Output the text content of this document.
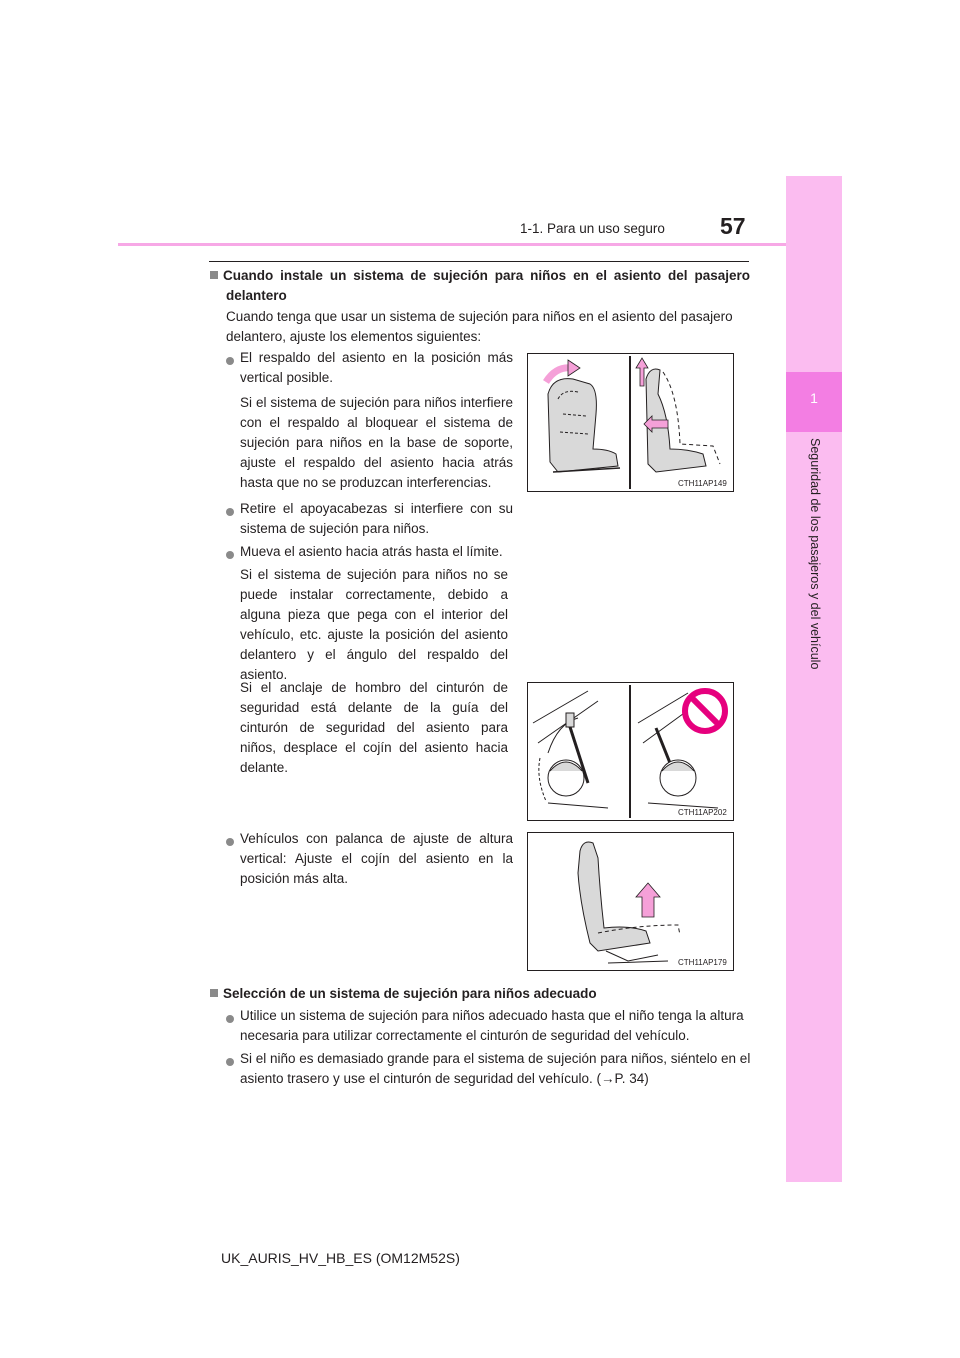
1
Seguridad de los pasajeros y del vehículo
1-1. Para un uso seguro 57
Cuando instale un sistema de sujeción para niños en el asiento del pasajero delantero
Cuando tenga que usar un sistema de sujeción para niños en el asiento del pasajero delantero, ajuste los elementos siguientes:
El respaldo del asiento en la posición más vertical posible.
Si el sistema de sujeción para niños interfiere con el respaldo al bloquear el sistema de sujeción para niños en la base de soporte, ajuste el respaldo del asiento hacia atrás hasta que no se produzcan interferencias.
Retire el apoyacabezas si interfiere con su sistema de sujeción para niños.
Mueva el asiento hacia atrás hasta el límite.
Si el sistema de sujeción para niños no se puede instalar correctamente, debido a alguna pieza que pega con el interior del vehículo, etc. ajuste la posición del asiento delantero y el ángulo del respaldo del asiento.
Si el anclaje de hombro del cinturón de seguridad está delante de la guía del cinturón de seguridad del asiento para niños, desplace el cojín del asiento hacia delante.
Vehículos con palanca de ajuste de altura vertical: Ajuste el cojín del asiento en la posición más alta.
CTH11AP149
CTH11AP202
CTH11AP179
Selección de un sistema de sujeción para niños adecuado
Utilice un sistema de sujeción para niños adecuado hasta que el niño tenga la altura necesaria para utilizar correctamente el cinturón de seguridad del vehículo.
Si el niño es demasiado grande para el sistema de sujeción para niños, siéntelo en el asiento trasero y use el cinturón de seguridad del vehículo. (→P. 34)
UK_AURIS_HV_HB_ES (OM12M52S)
